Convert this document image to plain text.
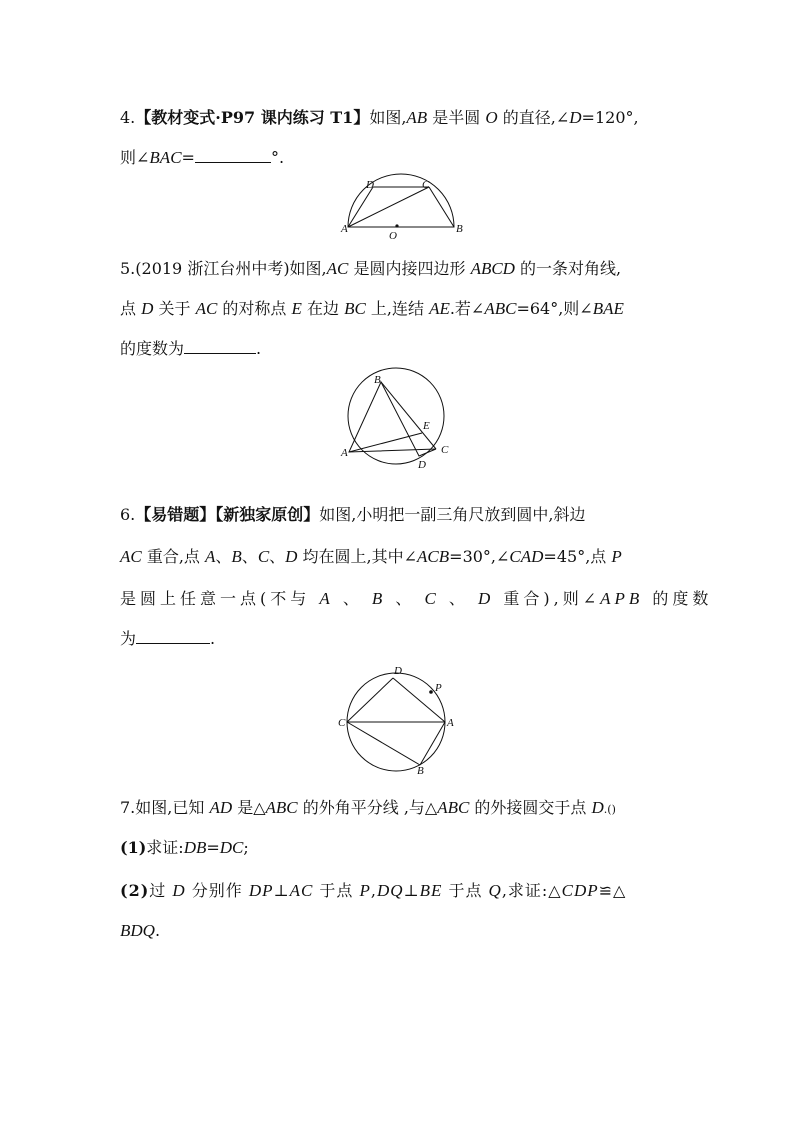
4.【教材变式·P97 课内练习 T1】如图,AB 是半圆 O 的直径,∠D=120°,
则∠BAC=	°.
D	C
A
O
B
5.(2019 浙江台州中考)如图,AC 是圆内接四边形 ABCD 的一条对角线,
点 D 关于 AC 的对称点 E 在边 BC 上,连结 AE.若∠ABC=64°,则∠BAE
的度数为	.
B
E
A	C
D
6.【易错题】【新独家原创】如图,小明把一副三角尺放到圆中,斜边
AC 重合,点 A、B、C、D 均在圆上,其中∠ACB=30°,∠CAD=45°,点 P
是圆上任意一点(不与 A 、 B 、 C 、 D 重合),则∠APB 的度数
为	.
D
P
C	A
B
7.如图,已知 AD 是△ABC 的外角平分线 ,与△ABC 的外接圆交于点 D.()
(1)求证:DB=DC;
(2)过 D 分别作 DP⊥AC 于点 P,DQ⊥BE 于点 Q,求证:△CDP≌△
BDQ.
